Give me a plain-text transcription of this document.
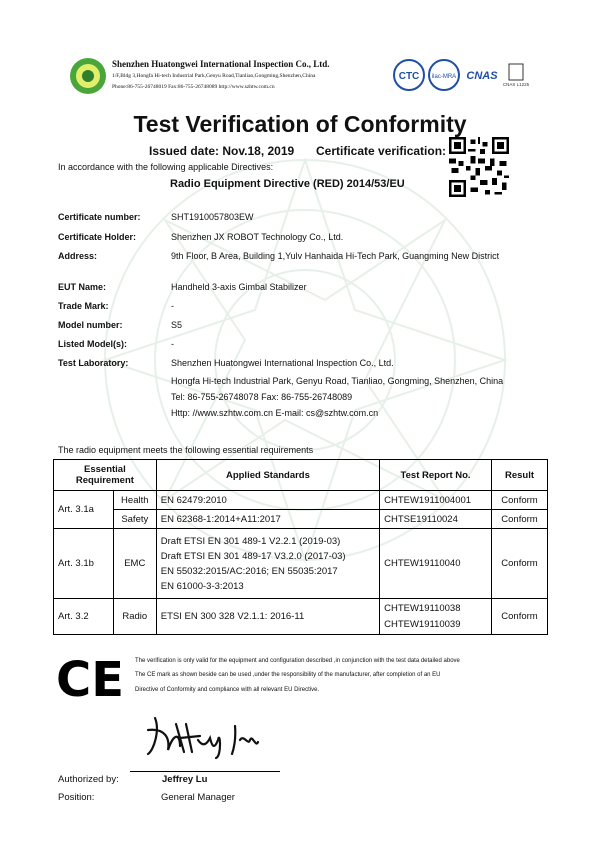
Shenzhen Huatongwei International Inspection Co., Ltd.
1/F,Bldg 3,Hongfa Hi-tech Industrial Park,Genyu Road,Tianliao,Gongming,Shenzhen,China
Phone:86-755-26748019 Fax:86-755-26748089 http://www.szhtw.com.cn
CTC ilac-MRA CNAS
CNAS L1225
Test Verification of Conformity
Issued date: Nov.18, 2019 Certificate verification:
In accordance with the following applicable Directives:
Radio Equipment Directive (RED) 2014/53/EU
Certificate number:	SHT1910057803EW
Certificate Holder:	Shenzhen JX ROBOT Technology Co., Ltd.
Address:	9th Floor, B Area, Building 1,Yulv Hanhaida Hi-Tech Park, Guangming New District
EUT Name:	Handheld 3-axis Gimbal Stabilizer
Trade Mark:	-
Model number:	S5
Listed Model(s):	-
Test Laboratory:	Shenzhen Huatongwei International Inspection Co., Ltd.
Hongfa Hi-tech Industrial Park, Genyu Road, Tianliao, Gongming, Shenzhen, China
Tel: 86-755-26748078 Fax: 86-755-26748089
Http: //www.szhtw.com.cn E-mail: cs@szhtw.com.cn
The radio equipment meets the following essential requirements
Essential Requirement		Applied Standards	Test Report No.	Result
Art. 3.1a	Health	EN 62479:2010	CHTEW1911004001	Conform
	Safety	EN 62368-1:2014+A11:2017	CHTSE19110024	Conform
Art. 3.1b	EMC	Draft ETSI EN 301 489-1 V2.2.1 (2019-03)
Draft ETSI EN 301 489-17 V3.2.0 (2017-03)
EN 55032:2015/AC:2016; EN 55035:2017
EN 61000-3-3:2013	CHTEW19110040	Conform
Art. 3.2	Radio	ETSI EN 300 328 V2.1.1: 2016-11	CHTEW19110038
CHTEW19110039	Conform
CE The verification is only valid for the equipment and configuration described ,in conjunction with the test data detailed above
The CE mark as shown beside can be used ,under the responsibility of the manufacturer, after completion of an EU
Directive of Conformity and compliance with all relevant EU Directive.
Authorized by:
Position:
Jeffrey Lu
General Manager
